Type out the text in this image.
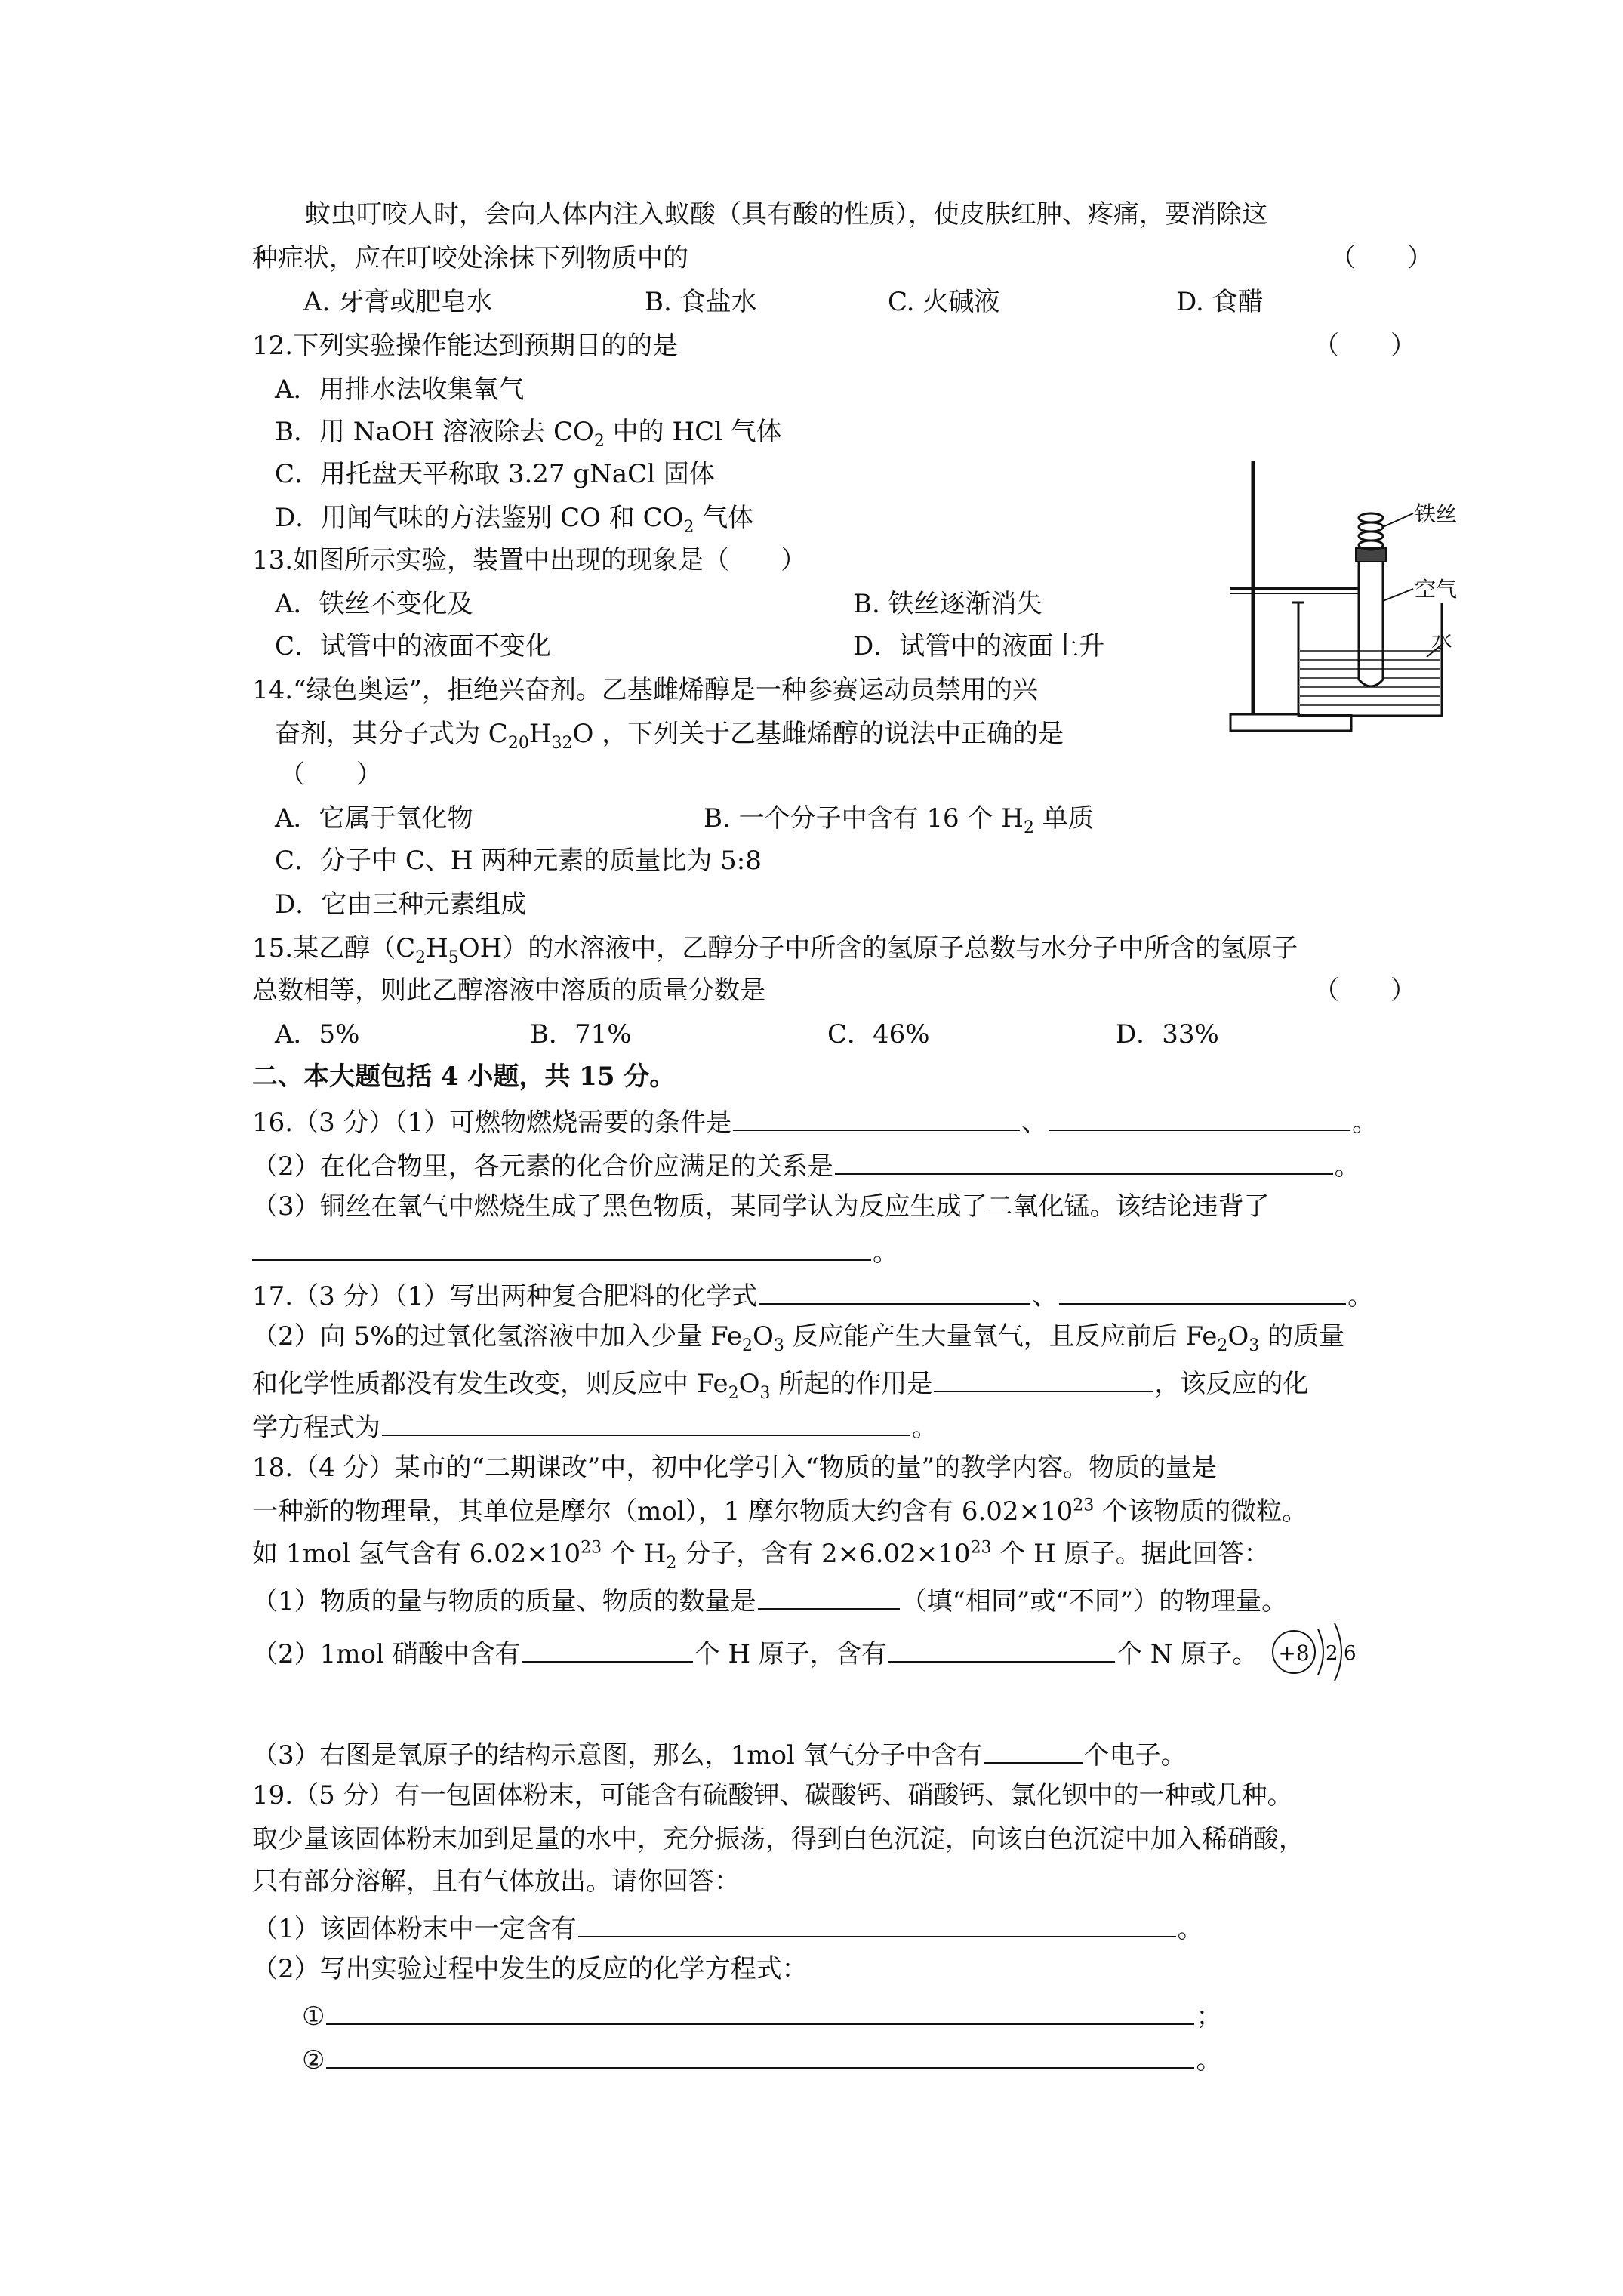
蚊虫叮咬人时，会向人体内注入蚁酸（具有酸的性质），使皮肤红肿、疼痛，要消除这
种症状，应在叮咬处涂抹下列物质中的	（　　）
A. 牙膏或肥皂水	B. 食盐水	C. 火碱液	D. 食醋
12.下列实验操作能达到预期目的的是	（　　）
A．用排水法收集氧气
B．用 NaOH 溶液除去 $CO_2$ 中的 HCl 气体
C．用托盘天平称取 3.27 gNaCl 固体
D．用闻气味的方法鉴别 CO 和 $CO_2$ 气体
13.如图所示实验，装置中出现的现象是（　　）
A．铁丝不变化及	B. 铁丝逐渐消失
C．试管中的液面不变化	D．试管中的液面上升
铁丝
空气
水
14.“绿色奥运”，拒绝兴奋剂。乙基雌烯醇是一种参赛运动员禁用的兴
奋剂，其分子式为 $C_{20}H_{32}O$ ，下列关于乙基雌烯醇的说法中正确的是
（　　）
A．它属于氧化物	B. 一个分子中含有 16 个 $H_2$ 单质
C．分子中 C、H 两种元素的质量比为 5:8
D．它由三种元素组成
15.某乙醇$(C_2H_5OH)$的水溶液中，乙醇分子中所含的氢原子总数与水分子中所含的氢原子
总数相等，则此乙醇溶液中溶质的质量分数是	（　　）
A．5%	B．71%	C．46%	D．33%
二、本大题包括 4 小题，共 15 分。
16.（3 分）（1）可燃物燃烧需要的条件是	、	。
（2）在化合物里，各元素的化合价应满足的关系是	。
（3）铜丝在氧气中燃烧生成了黑色物质，某同学认为反应生成了二氧化锰。该结论违背了
。
17.（3 分）（1）写出两种复合肥料的化学式	、	。
（2）向 5%的过氧化氢溶液中加入少量 $Fe_2O_3$ 反应能产生大量氧气，且反应前后 $Fe_2O_3$ 的质量
和化学性质都没有发生改变，则反应中 $Fe_2O_3$ 所起的作用是	，该反应的化
学方程式为	。
18.（4 分）某市的“二期课改”中，初中化学引入“物质的量”的教学内容。物质的量是
一种新的物理量，其单位是摩尔（mol），1 摩尔物质大约含有 $6.02\times 10^{23}$ 个该物质的微粒。
如 1mol 氢气含有 $6.02\times 10^{23}$ 个 $H_2$ 分子，含有 $2\times 6.02\times 10^{23}$ 个 H 原子。据此回答：
（1）物质的量与物质的质量、物质的数量是	（填“相同”或“不同”）的物理量。
（2）1mol 硝酸中含有	个 H 原子，含有	个 N 原子。 +8 2 6
（3）右图是氧原子的结构示意图，那么，1mol 氧气分子中含有	个电子。
19.（5 分）有一包固体粉末，可能含有硫酸钾、碳酸钙、硝酸钙、氯化钡中的一种或几种。
取少量该固体粉末加到足量的水中，充分振荡，得到白色沉淀，向该白色沉淀中加入稀硝酸，
只有部分溶解，且有气体放出。请你回答：
（1）该固体粉末中一定含有	。
（2）写出实验过程中发生的反应的化学方程式：
①	；
②	。
